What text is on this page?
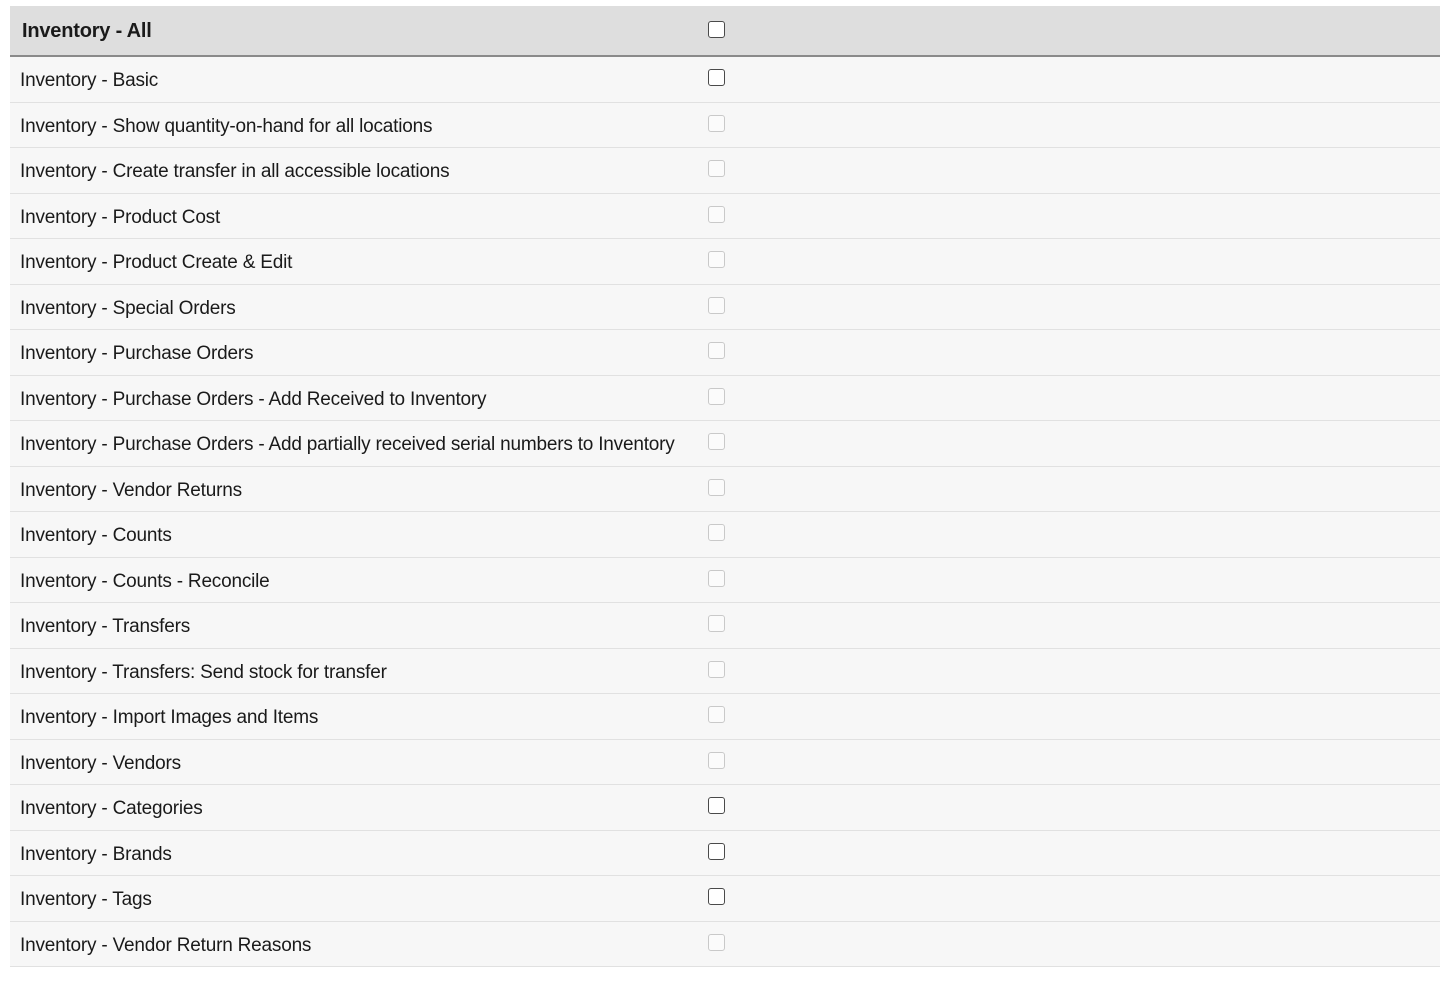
Inventory - All
Inventory - Basic
Inventory - Show quantity-on-hand for all locations
Inventory - Create transfer in all accessible locations
Inventory - Product Cost
Inventory - Product Create & Edit
Inventory - Special Orders
Inventory - Purchase Orders
Inventory - Purchase Orders - Add Received to Inventory
Inventory - Purchase Orders - Add partially received serial numbers to Inventory
Inventory - Vendor Returns
Inventory - Counts
Inventory - Counts - Reconcile
Inventory - Transfers
Inventory - Transfers: Send stock for transfer
Inventory - Import Images and Items
Inventory - Vendors
Inventory - Categories
Inventory - Brands
Inventory - Tags
Inventory - Vendor Return Reasons
